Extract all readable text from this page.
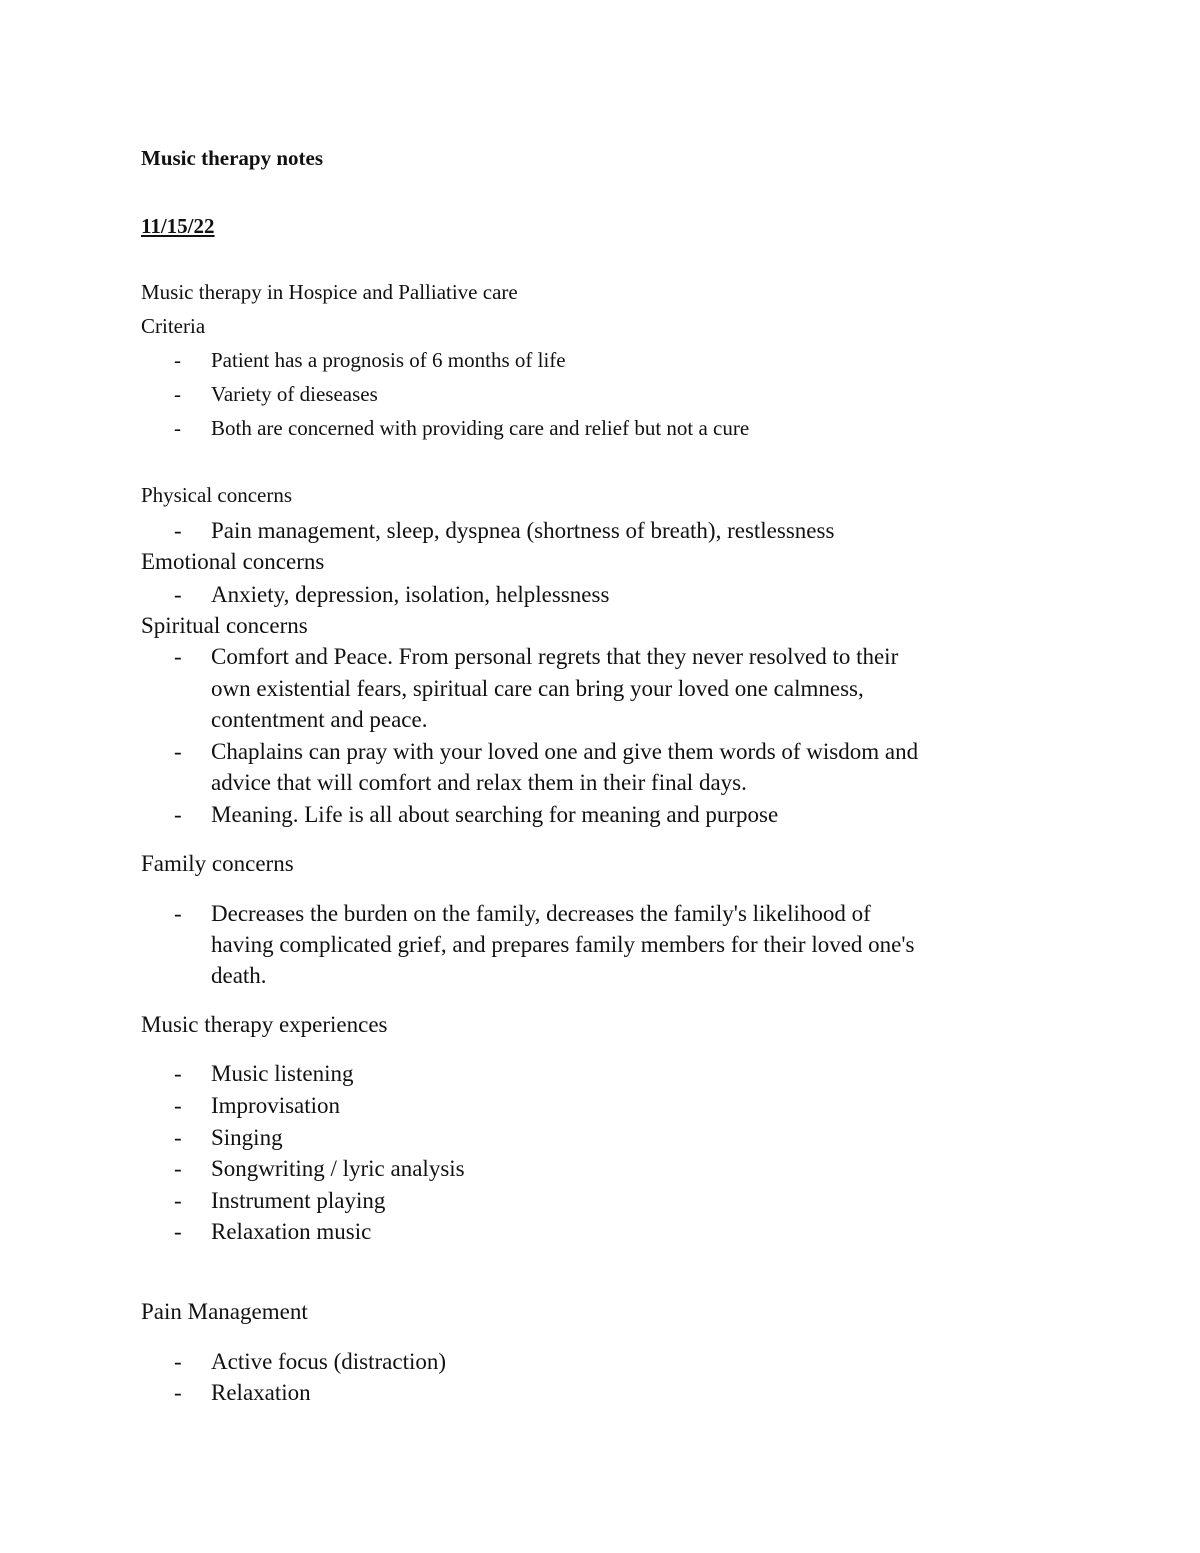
Music therapy notes
11/15/22
Music therapy in Hospice and Palliative care
Criteria
- Patient has a prognosis of 6 months of life
- Variety of dieseases
- Both are concerned with providing care and relief but not a cure
Physical concerns
- Pain management, sleep, dyspnea (shortness of breath), restlessness
Emotional concerns
- Anxiety, depression, isolation, helplessness
Spiritual concerns
- Comfort and Peace. From personal regrets that they never resolved to their
own existential fears, spiritual care can bring your loved one calmness,
contentment and peace.
- Chaplains can pray with your loved one and give them words of wisdom and
advice that will comfort and relax them in their final days.
- Meaning. Life is all about searching for meaning and purpose
Family concerns
- Decreases the burden on the family, decreases the family's likelihood of
having complicated grief, and prepares family members for their loved one's
death.
Music therapy experiences
- Music listening
- Improvisation
- Singing
- Songwriting / lyric analysis
- Instrument playing
- Relaxation music
Pain Management
- Active focus (distraction)
- Relaxation
